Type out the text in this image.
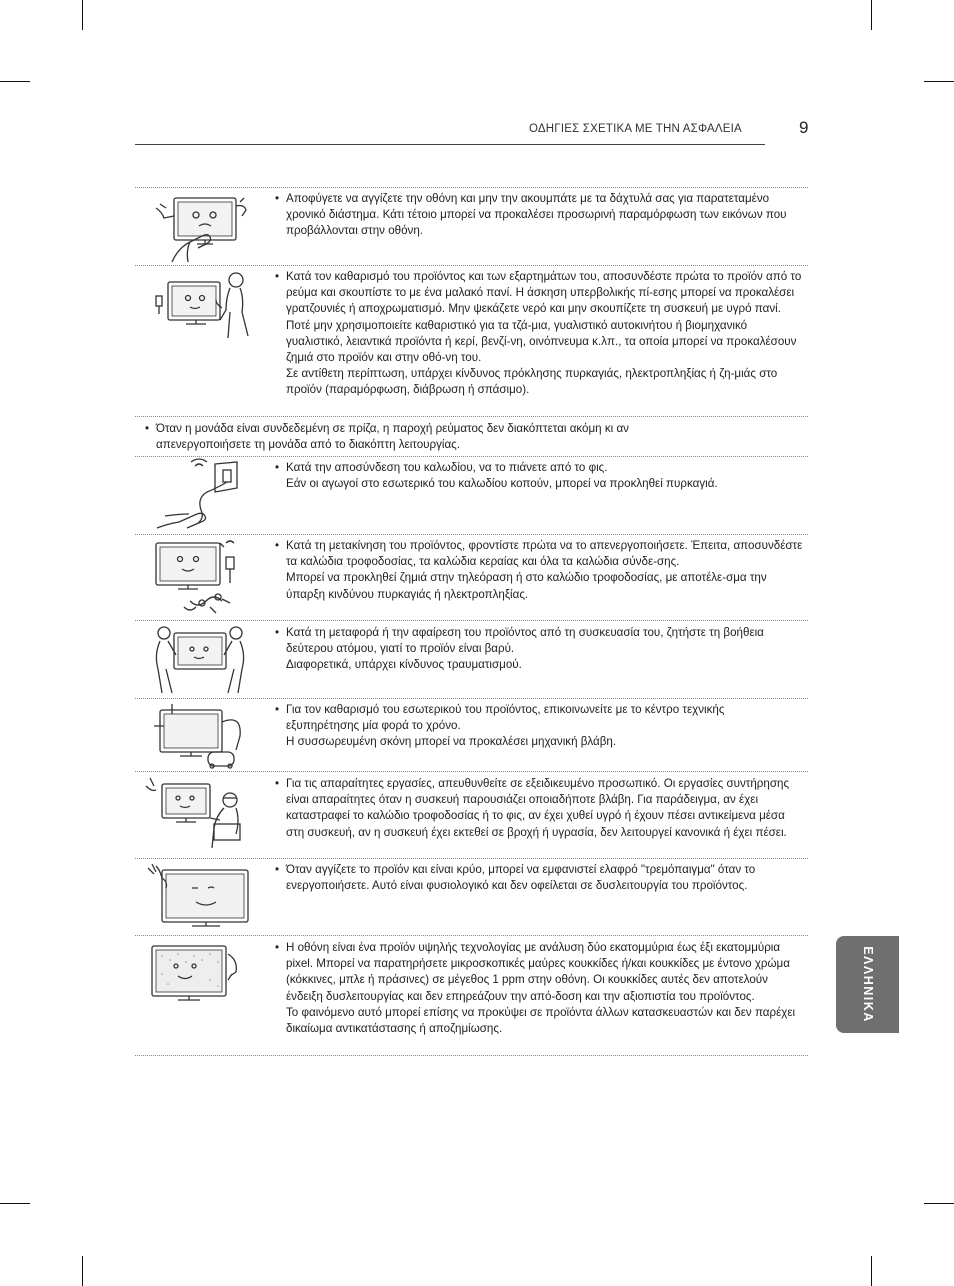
ΟΔΗΓΙΕΣ ΣΧΕΤΙΚΑ ΜΕ ΤΗΝ ΑΣΦΑΛΕΙΑ	9

• Αποφύγετε να αγγίζετε την οθόνη και μην την ακουμπάτε με τα δάχτυλά σας για παρατεταμένο χρονικό διάστημα. Κάτι τέτοιο μπορεί να προκαλέσει προσωρινή παραμόρφωση των εικόνων που προβάλλονται στην οθόνη.

• Κατά τον καθαρισμό του προϊόντος και των εξαρτημάτων του, αποσυνδέστε πρώτα το προϊόν από το ρεύμα και σκουπίστε το με ένα μαλακό πανί. Η άσκηση υπερβολικής πί-εσης μπορεί να προκαλέσει γρατζουνιές ή αποχρωματισμό. Μην ψεκάζετε νερό και μην σκουπίζετε τη συσκευή με υγρό πανί. Ποτέ μην χρησιμοποιείτε καθαριστικό για τα τζά-μια, γυαλιστικό αυτοκινήτου ή βιομηχανικό γυαλιστικό, λειαντικά προϊόντα ή κερί, βενζί-νη, οινόπνευμα κ.λπ., τα οποία μπορεί να προκαλέσουν ζημιά στο προϊόν και στην οθό-νη του.

Σε αντίθετη περίπτωση, υπάρχει κίνδυνος πρόκλησης πυρκαγιάς, ηλεκτροπληξίας ή ζη-μιάς στο προϊόν (παραμόρφωση, διάβρωση ή σπάσιμο).

• Όταν η μονάδα είναι συνδεδεμένη σε πρίζα, η παροχή ρεύματος δεν διακόπτεται ακόμη κι αν απενεργοποιήσετε τη μονάδα από το διακόπτη λειτουργίας.

• Κατά την αποσύνδεση του καλωδίου, να το πιάνετε από το φις.

Εάν οι αγωγοί στο εσωτερικό του καλωδίου κοπούν, μπορεί να προκληθεί πυρκαγιά.

• Κατά τη μετακίνηση του προϊόντος, φροντίστε πρώτα να το απενεργοποιήσετε. Έπειτα, αποσυνδέστε τα καλώδια τροφοδοσίας, τα καλώδια κεραίας και όλα τα καλώδια σύνδε-σης.

Μπορεί να προκληθεί ζημιά στην τηλεόραση ή στο καλώδιο τροφοδοσίας, με αποτέλε-σμα την ύπαρξη κινδύνου πυρκαγιάς ή ηλεκτροπληξίας.

• Κατά τη μεταφορά ή την αφαίρεση του προϊόντος από τη συσκευασία του, ζητήστε τη βοήθεια δεύτερου ατόμου, γιατί το προϊόν είναι βαρύ.

Διαφορετικά, υπάρχει κίνδυνος τραυματισμού.

• Για τον καθαρισμό του εσωτερικού του προϊόντος, επικοινωνείτε με το κέντρο τεχνικής εξυπηρέτησης μία φορά το χρόνο.

Η συσσωρευμένη σκόνη μπορεί να προκαλέσει μηχανική βλάβη.

• Για τις απαραίτητες εργασίες, απευθυνθείτε σε εξειδικευμένο προσωπικό. Οι εργασίες συντήρησης είναι απαραίτητες όταν η συσκευή παρουσιάζει οποιαδήποτε βλάβη. Για παράδειγμα, αν έχει καταστραφεί το καλώδιο τροφοδοσίας ή το φις, αν έχει χυθεί υγρό ή έχουν πέσει αντικείμενα μέσα στη συσκευή, αν η συσκευή έχει εκτεθεί σε βροχή ή υγρασία, δεν λειτουργεί κανονικά ή έχει πέσει.

• Όταν αγγίζετε το προϊόν και είναι κρύο, μπορεί να εμφανιστεί ελαφρό "τρεμόπαιγμα" όταν το ενεργοποιήσετε. Αυτό είναι φυσιολογικό και δεν οφείλεται σε δυσλειτουργία του προϊόντος.

• Η οθόνη είναι ένα προϊόν υψηλής τεχνολογίας με ανάλυση δύο εκατομμύρια έως έξι εκατομμύρια pixel. Μπορεί να παρατηρήσετε μικροσκοπικές μαύρες κουκκίδες ή/και κουκκίδες με έντονο χρώμα (κόκκινες, μπλε ή πράσινες) σε μέγεθος 1 ppm στην οθόνη. Οι κουκκίδες αυτές δεν αποτελούν ένδειξη δυσλειτουργίας και δεν επηρεάζουν την από-δοση και την αξιοπιστία του προϊόντος.

Το φαινόμενο αυτό μπορεί επίσης να προκύψει σε προϊόντα άλλων κατασκευαστών και δεν παρέχει δικαίωμα αντικατάστασης ή αποζημίωσης.

ΕΛΛΗΝΙΚΑ
